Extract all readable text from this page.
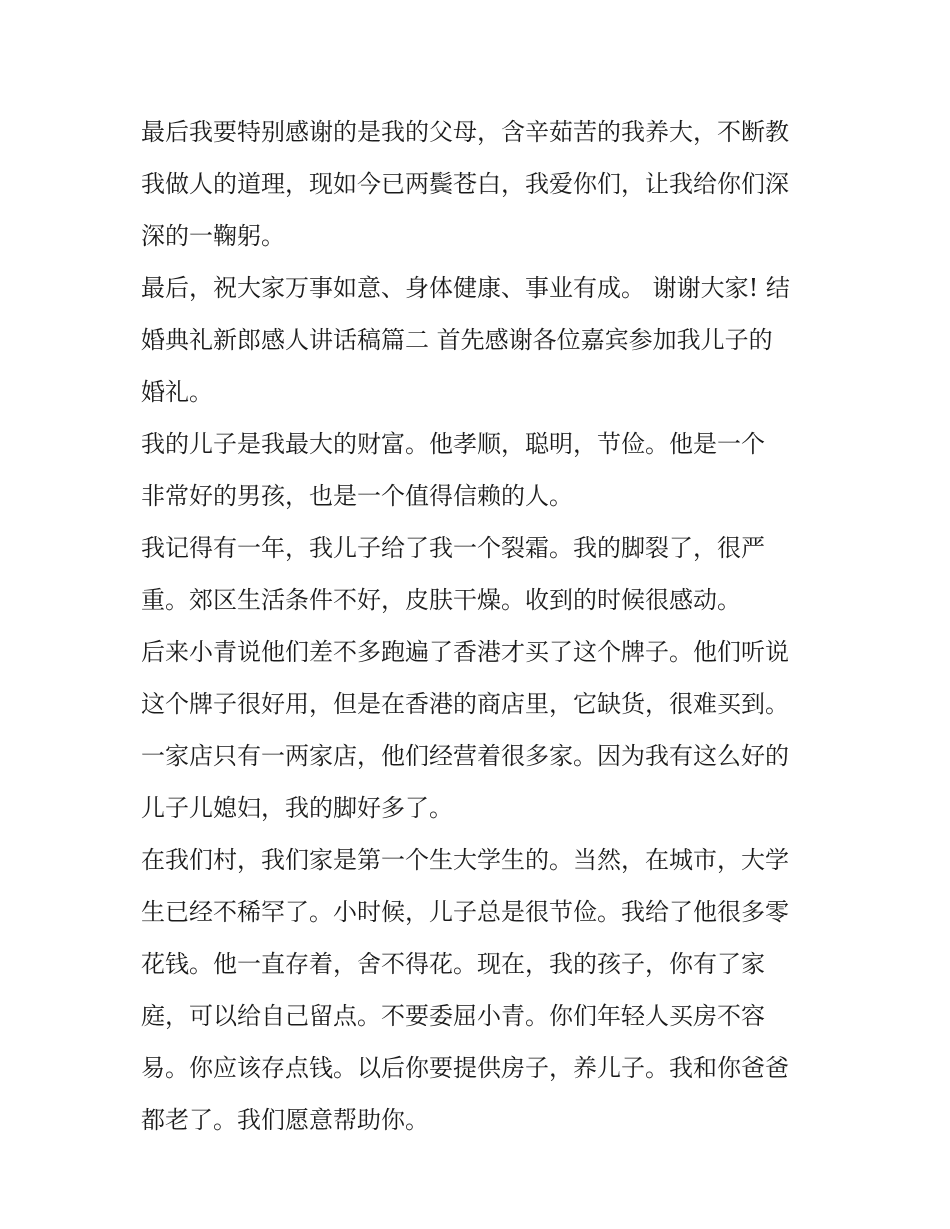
最后我要特别感谢的是我的父母，含辛茹苦的我养大，不断教
我做人的道理，现如今已两鬓苍白，我爱你们，让我给你们深
深的一鞠躬。
最后，祝大家万事如意、身体健康、事业有成。 谢谢大家! 结
婚典礼新郎感人讲话稿篇二 首先感谢各位嘉宾参加我儿子的
婚礼。
我的儿子是我最大的财富。他孝顺，聪明，节俭。他是一个
非常好的男孩，也是一个值得信赖的人。
我记得有一年，我儿子给了我一个裂霜。我的脚裂了，很严
重。郊区生活条件不好，皮肤干燥。收到的时候很感动。
后来小青说他们差不多跑遍了香港才买了这个牌子。他们听说
这个牌子很好用，但是在香港的商店里，它缺货，很难买到。
一家店只有一两家店，他们经营着很多家。因为我有这么好的
儿子儿媳妇，我的脚好多了。
在我们村，我们家是第一个生大学生的。当然，在城市，大学
生已经不稀罕了。小时候，儿子总是很节俭。我给了他很多零
花钱。他一直存着，舍不得花。现在，我的孩子，你有了家
庭，可以给自己留点。不要委屈小青。你们年轻人买房不容
易。你应该存点钱。以后你要提供房子，养儿子。我和你爸爸
都老了。我们愿意帮助你。
